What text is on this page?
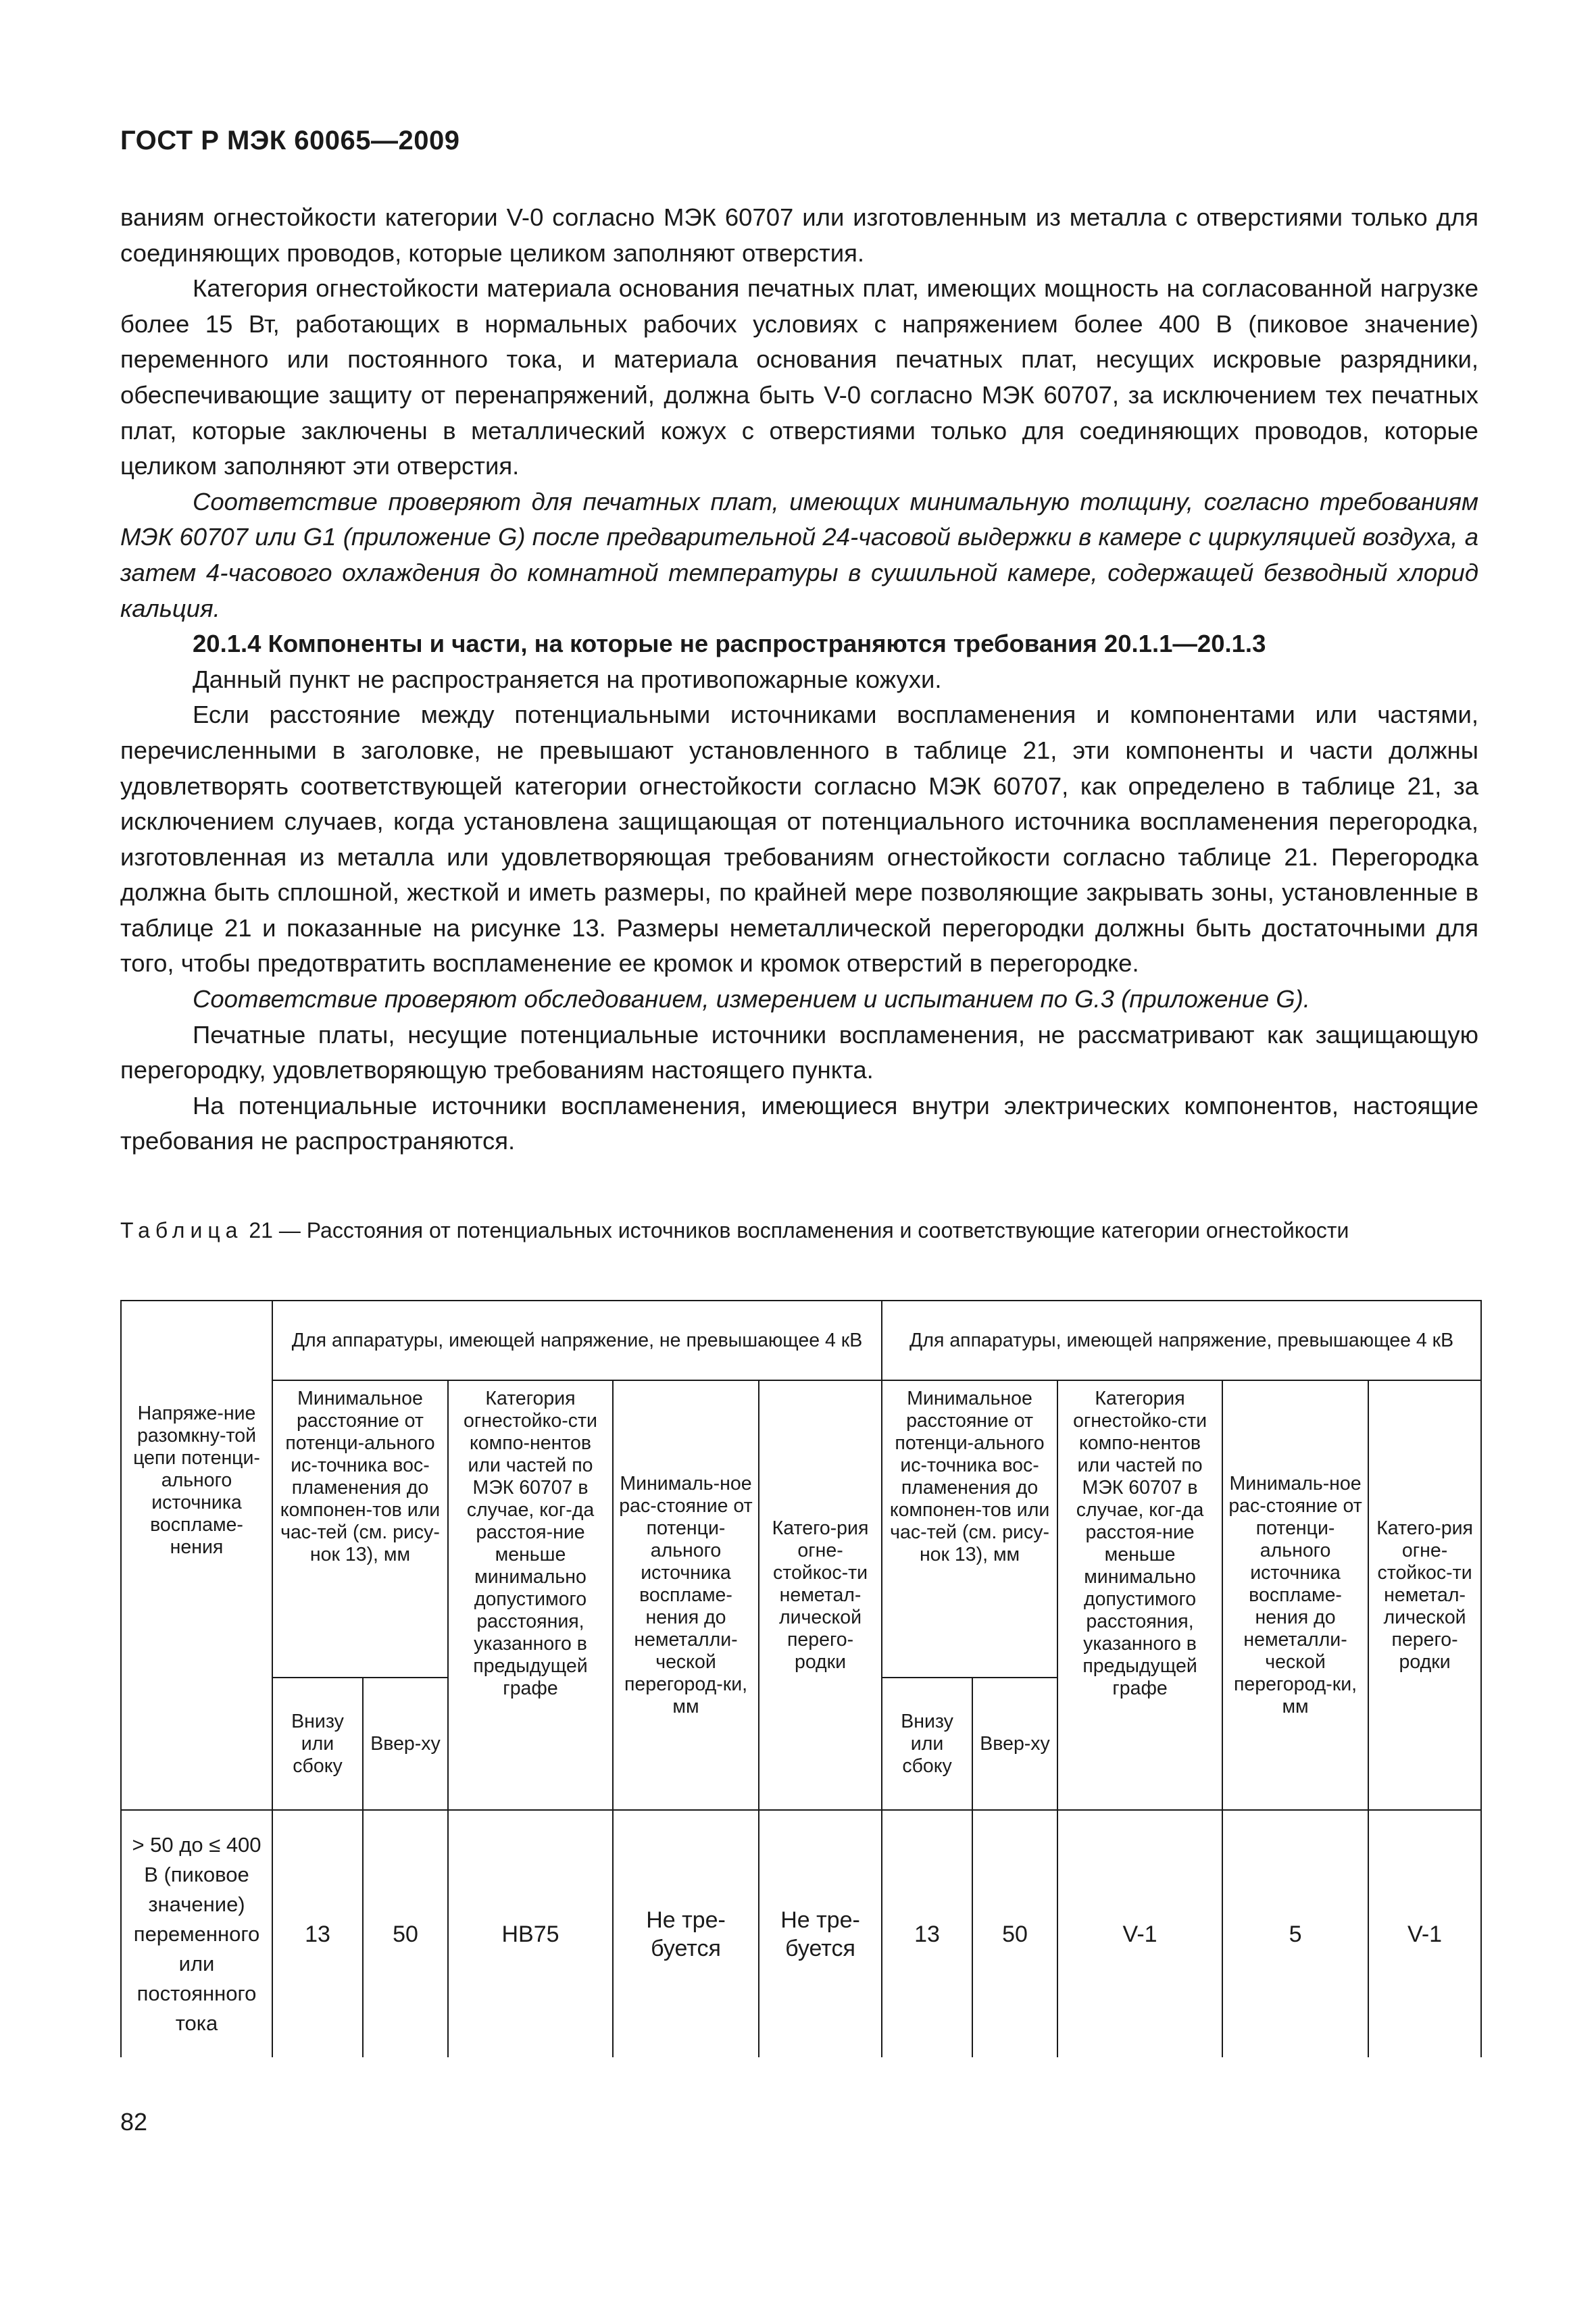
ГОСТ Р МЭК 60065—2009

ваниям огнестойкости категории V-0 согласно МЭК 60707 или изготовленным из металла с отверстиями только для соединяющих проводов, которые целиком заполняют отверстия.

Категория огнестойкости материала основания печатных плат, имеющих мощность на согласованной нагрузке более 15 Вт, работающих в нормальных рабочих условиях с напряжением более 400 В (пиковое значение) переменного или постоянного тока, и материала основания печатных плат, несущих искровые разрядники, обеспечивающие защиту от перенапряжений, должна быть V-0 согласно МЭК 60707, за исключением тех печатных плат, которые заключены в металлический кожух с отверстиями только для соединяющих проводов, которые целиком заполняют эти отверстия.

Соответствие проверяют для печатных плат, имеющих минимальную толщину, согласно требованиям МЭК 60707 или G1 (приложение G) после предварительной 24-часовой выдержки в камере с циркуляцией воздуха, а затем 4-часового охлаждения до комнатной температуры в сушильной камере, содержащей безводный хлорид кальция.

20.1.4 Компоненты и части, на которые не распространяются требования 20.1.1—20.1.3

Данный пункт не распространяется на противопожарные кожухи.

Если расстояние между потенциальными источниками воспламенения и компонентами или частями, перечисленными в заголовке, не превышают установленного в таблице 21, эти компоненты и части должны удовлетворять соответствующей категории огнестойкости согласно МЭК 60707, как определено в таблице 21, за исключением случаев, когда установлена защищающая от потенциального источника воспламенения перегородка, изготовленная из металла или удовлетворяющая требованиям огнестойкости согласно таблице 21. Перегородка должна быть сплошной, жесткой и иметь размеры, по крайней мере позволяющие закрывать зоны, установленные в таблице 21 и показанные на рисунке 13. Размеры неметаллической перегородки должны быть достаточными для того, чтобы предотвратить воспламенение ее кромок и кромок отверстий в перегородке.

Соответствие проверяют обследованием, измерением и испытанием по G.3 (приложение G).

Печатные платы, несущие потенциальные источники воспламенения, не рассматривают как защищающую перегородку, удовлетворяющую требованиям настоящего пункта.

На потенциальные источники воспламенения, имеющиеся внутри электрических компонентов, настоящие требования не распространяются.

Таблица 21 — Расстояния от потенциальных источников воспламенения и соответствующие категории огнестойкости
Напряже-ние разомкну-той цепи потенци-ального источника воспламе-нения	Для аппаратуры, имеющей напряжение, не превышающее 4 кВ					Для аппаратуры, имеющей напряжение, превышающее 4 кВ				
	Минимальное расстояние от потенци-ального ис-точника вос-пламенения до компонен-тов или час-тей (см. рису-нок 13), мм		Категория огнестойко-сти компо-нентов или частей по МЭК 60707 в случае, ког-да расстоя-ние меньше минимально допустимого расстояния, указанного в предыдущей графе	Минималь-ное рас-стояние от потенци-ального источника воспламе-нения до неметалли-ческой перегород-ки, мм	Катего-рия огне-стойкос-ти неметал-лической перего-родки	Минимальное расстояние от потенци-ального ис-точника вос-пламенения до компонен-тов или час-тей (см. рису-нок 13), мм		Категория огнестойко-сти компо-нентов или частей по МЭК 60707 в случае, ког-да расстоя-ние меньше минимально допустимого расстояния, указанного в предыдущей графе	Минималь-ное рас-стояние от потенци-ального источника воспламе-нения до неметалли-ческой перегород-ки, мм	Катего-рия огне-стойкос-ти неметал-лической перего-родки
	Внизу или сбоку	Ввер-ху				Внизу или сбоку	Ввер-ху			
> 50 до ≤ 400 В (пиковое значение) переменного или постоянного тока	13	50	HB75	Не тре-буется	Не тре-буется	13	50	V-1	5	V-1
82
